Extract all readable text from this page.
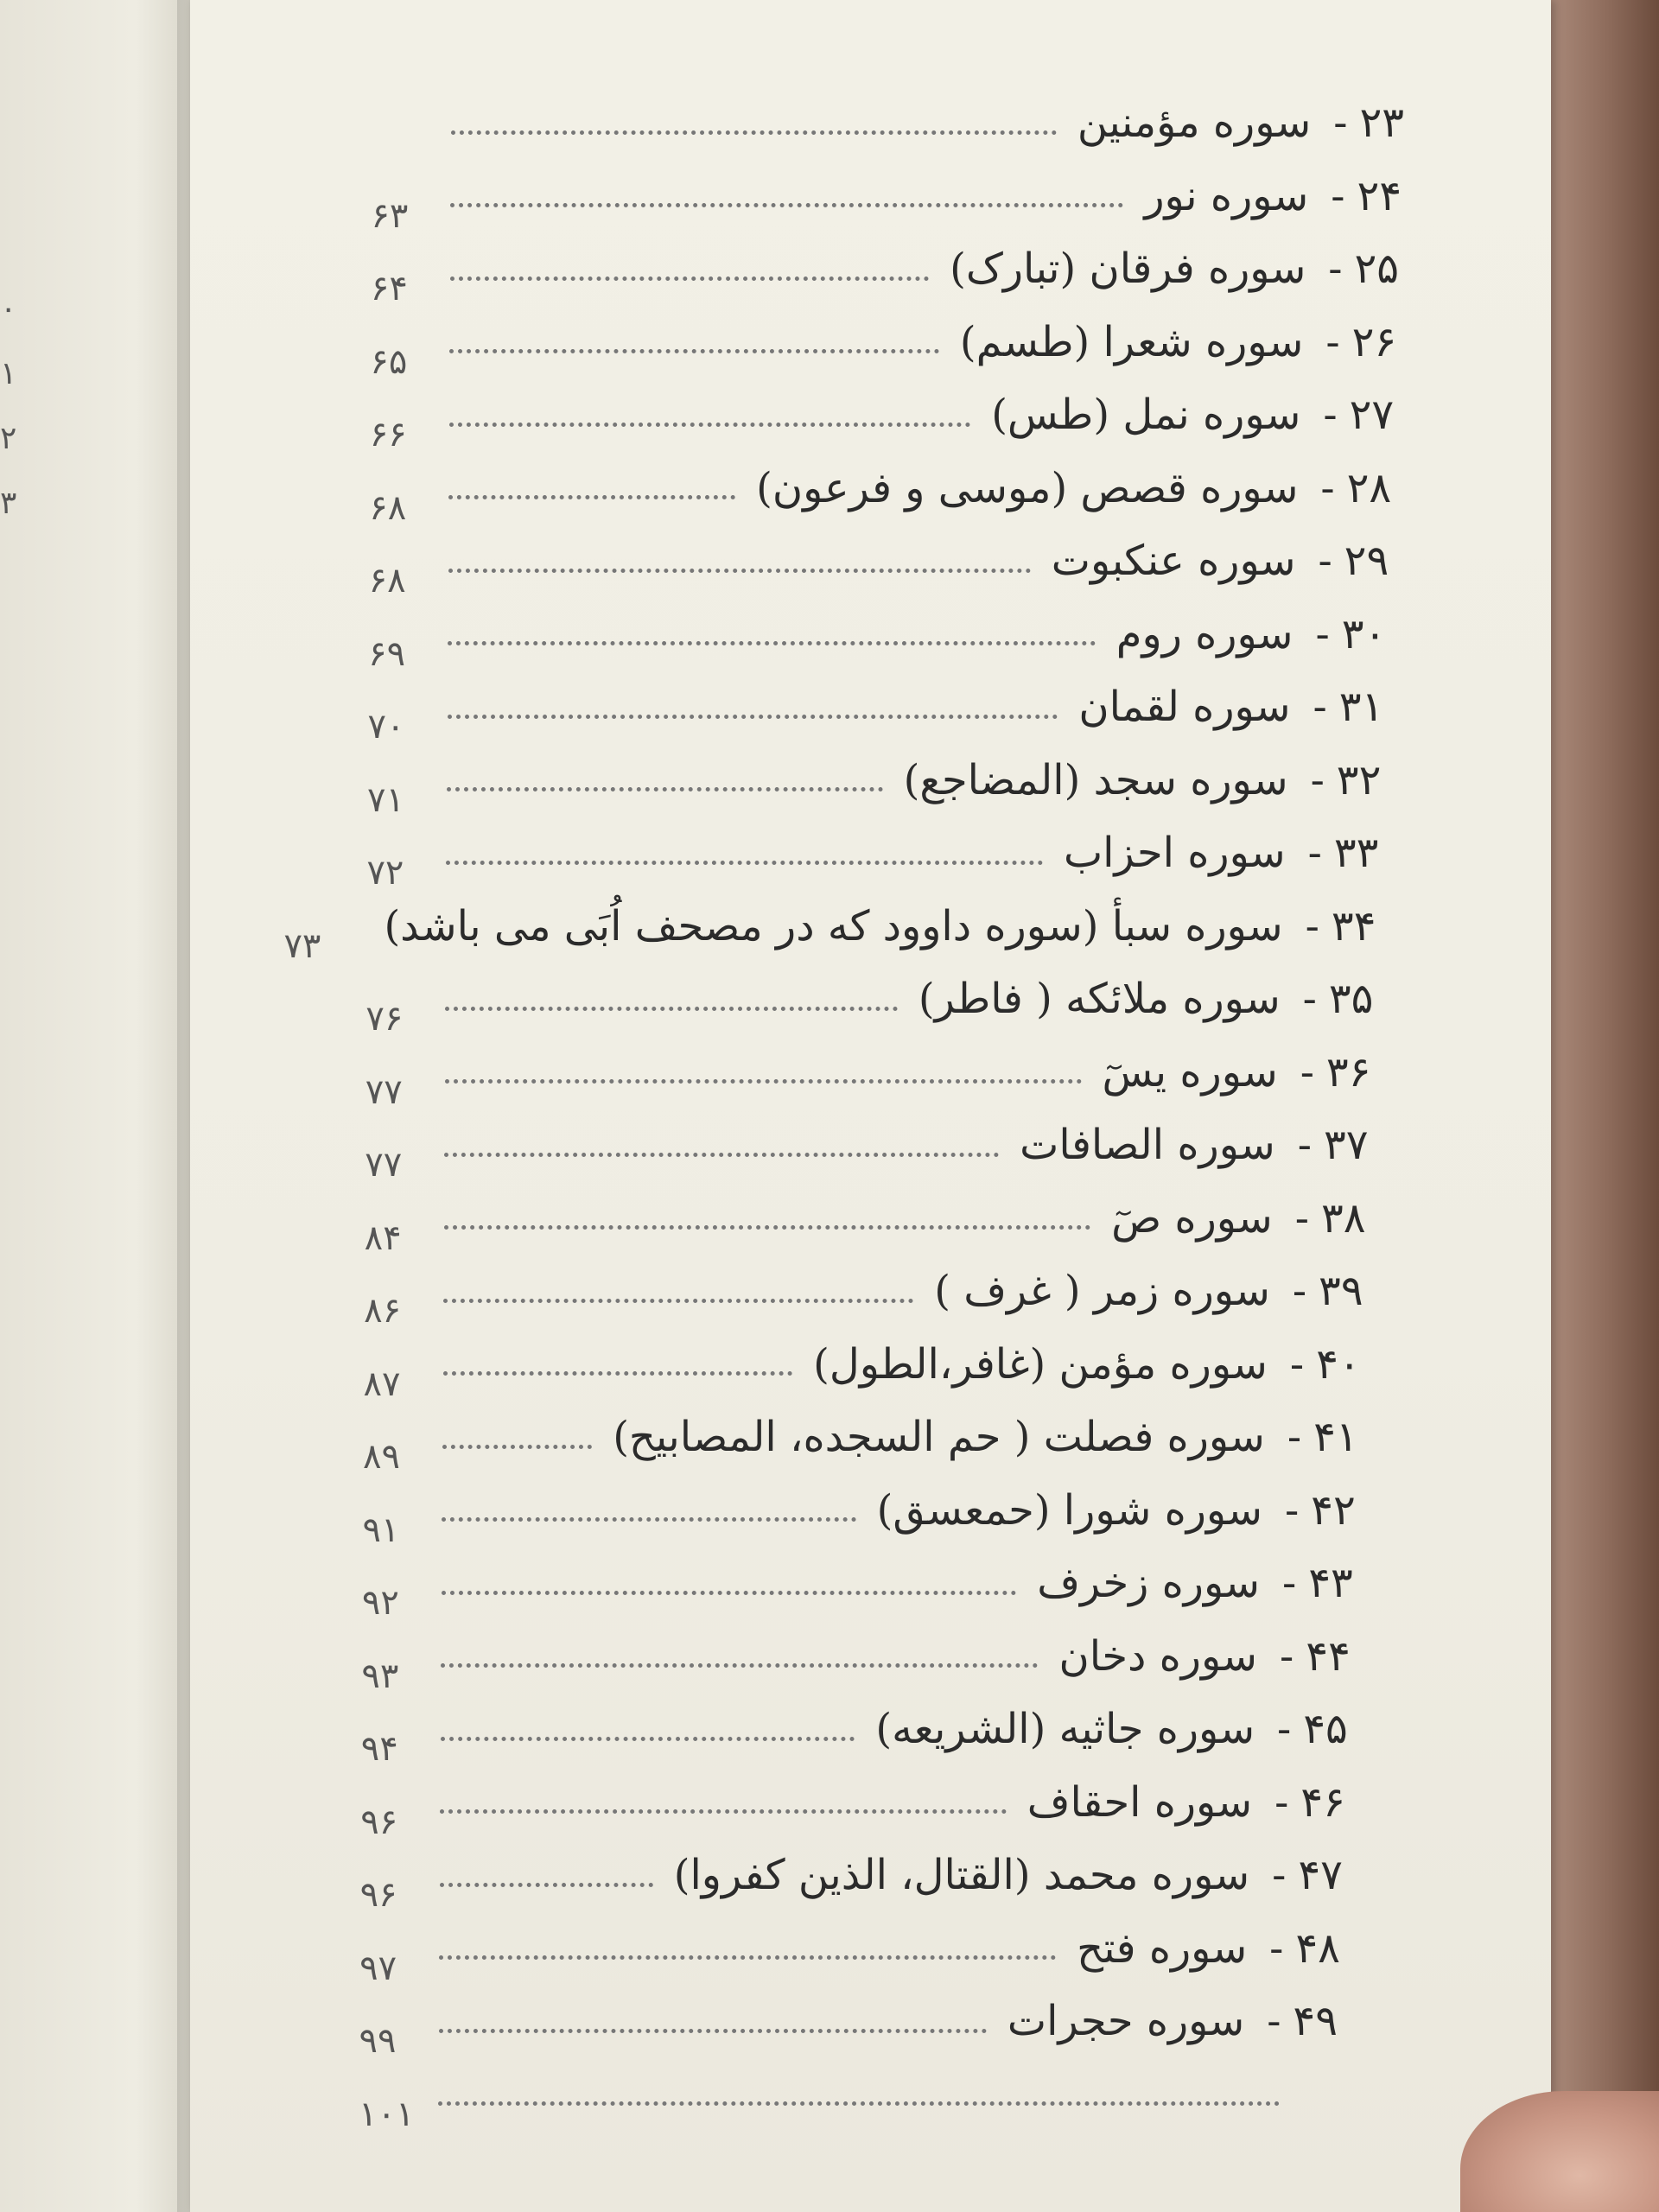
۰
۱
۲
۳
۲۳
-
سوره مؤمنین
۲۴
-
سوره نور
۶۳
۲۵
-
سوره فرقان (تبارک)
۶۴
۲۶
-
سوره شعرا (طسم)
۶۵
۲۷
-
سوره نمل (طس)
۶۶
۲۸
-
سوره قصص (موسی و فرعون)
۶۸
۲۹
-
سوره عنکبوت
۶۸
۳۰
-
سوره روم
۶۹
۳۱
-
سوره لقمان
۷۰
۳۲
-
سوره سجد (المضاجع)
۷۱
۳۳
-
سوره احزاب
۷۲
۳۴
-
سوره سبأ (سوره داوود که در مصحف اُبَی می باشد)
۷۳
۳۵
-
سوره ملائکه ( فاطر)
۷۶
۳۶
-
سوره یسٓ
۷۷
۳۷
-
سوره الصافات
۷۷
۳۸
-
سوره صٓ
۸۴
۳۹
-
سوره زمر ( غرف )
۸۶
۴۰
-
سوره مؤمن (غافر،الطول)
۸۷
۴۱
-
سوره فصلت ( حم السجده، المصابیح)
۸۹
۴۲
-
سوره شورا (حمعسق)
۹۱
۴۳
-
سوره زخرف
۹۲
۴۴
-
سوره دخان
۹۳
۴۵
-
سوره جاثیه (الشریعه)
۹۴
۴۶
-
سوره احقاف
۹۶
۴۷
-
سوره محمد (القتال، الذین کفروا)
۹۶
۴۸
-
سوره فتح
۹۷
۴۹
-
سوره حجرات
۹۹
۱۰۱
